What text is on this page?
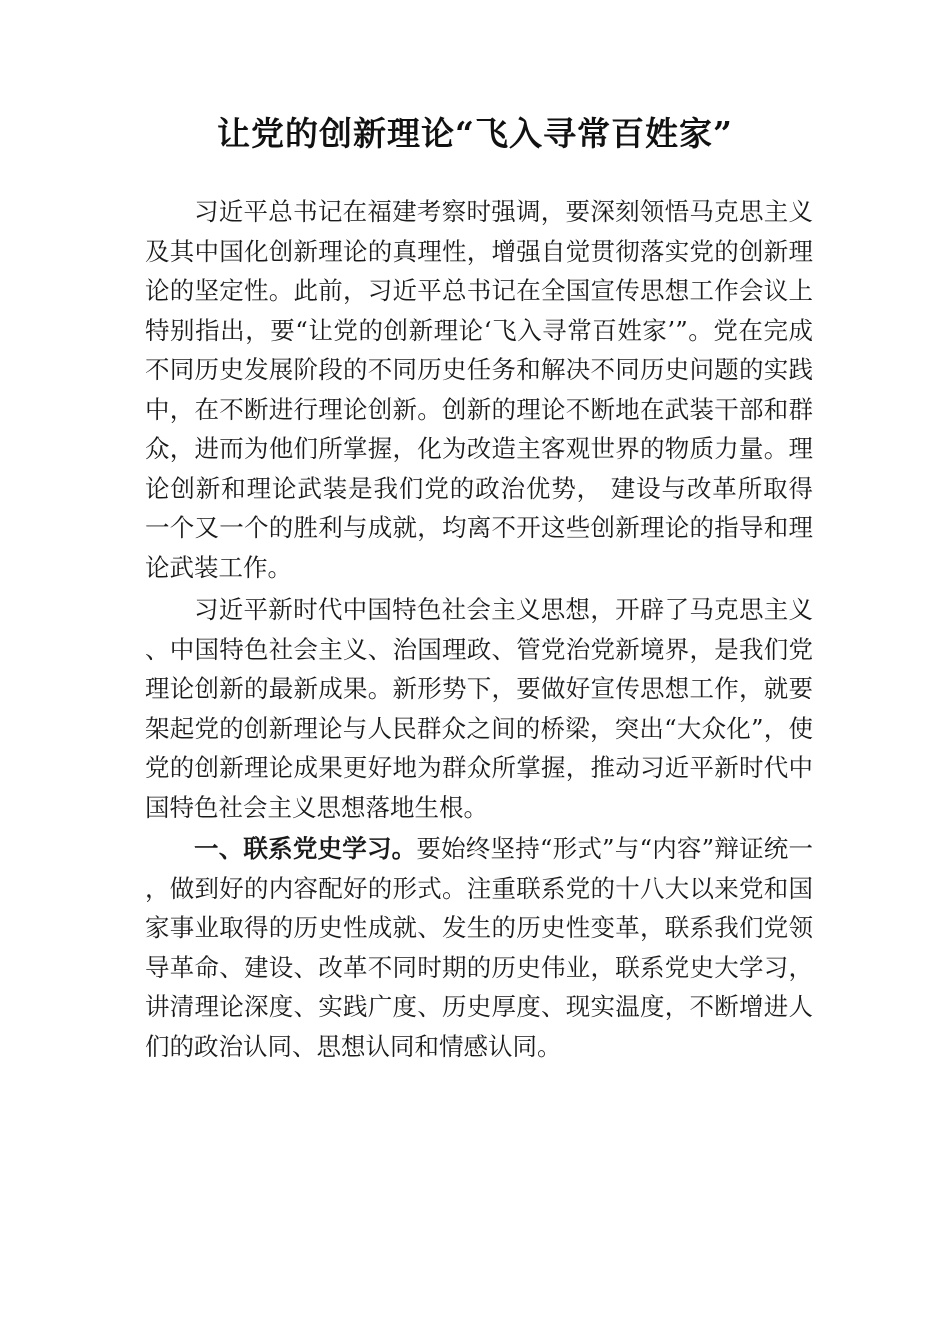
让党的创新理论“飞入寻常百姓家”

习近平总书记在福建考察时强调，要深刻领悟马克思主义及其中国化创新理论的真理性，增强自觉贯彻落实党的创新理论的坚定性。此前，习近平总书记在全国宣传思想工作会议上特别指出，要“让党的创新理论‘飞入寻常百姓家’”。党在完成不同历史发展阶段的不同历史任务和解决不同历史问题的实践中，在不断进行理论创新。创新的理论不断地在武装干部和群众，进而为他们所掌握，化为改造主客观世界的物质力量。理论创新和理论武装是我们党的政治优势， 建设与改革所取得一个又一个的胜利与成就，均离不开这些创新理论的指导和理论武装工作。

习近平新时代中国特色社会主义思想，开辟了马克思主义、中国特色社会主义、治国理政、管党治党新境界，是我们党理论创新的最新成果。新形势下，要做好宣传思想工作，就要架起党的创新理论与人民群众之间的桥梁，突出“大众化”，使党的创新理论成果更好地为群众所掌握，推动习近平新时代中国特色社会主义思想落地生根。

一、联系党史学习。要始终坚持“形式”与“内容”辩证统一，做到好的内容配好的形式。注重联系党的十八大以来党和国家事业取得的历史性成就、发生的历史性变革，联系我们党领导革命、建设、改革不同时期的历史伟业，联系党史大学习，讲清理论深度、实践广度、历史厚度、现实温度，不断增进人们的政治认同、思想认同和情感认同。
